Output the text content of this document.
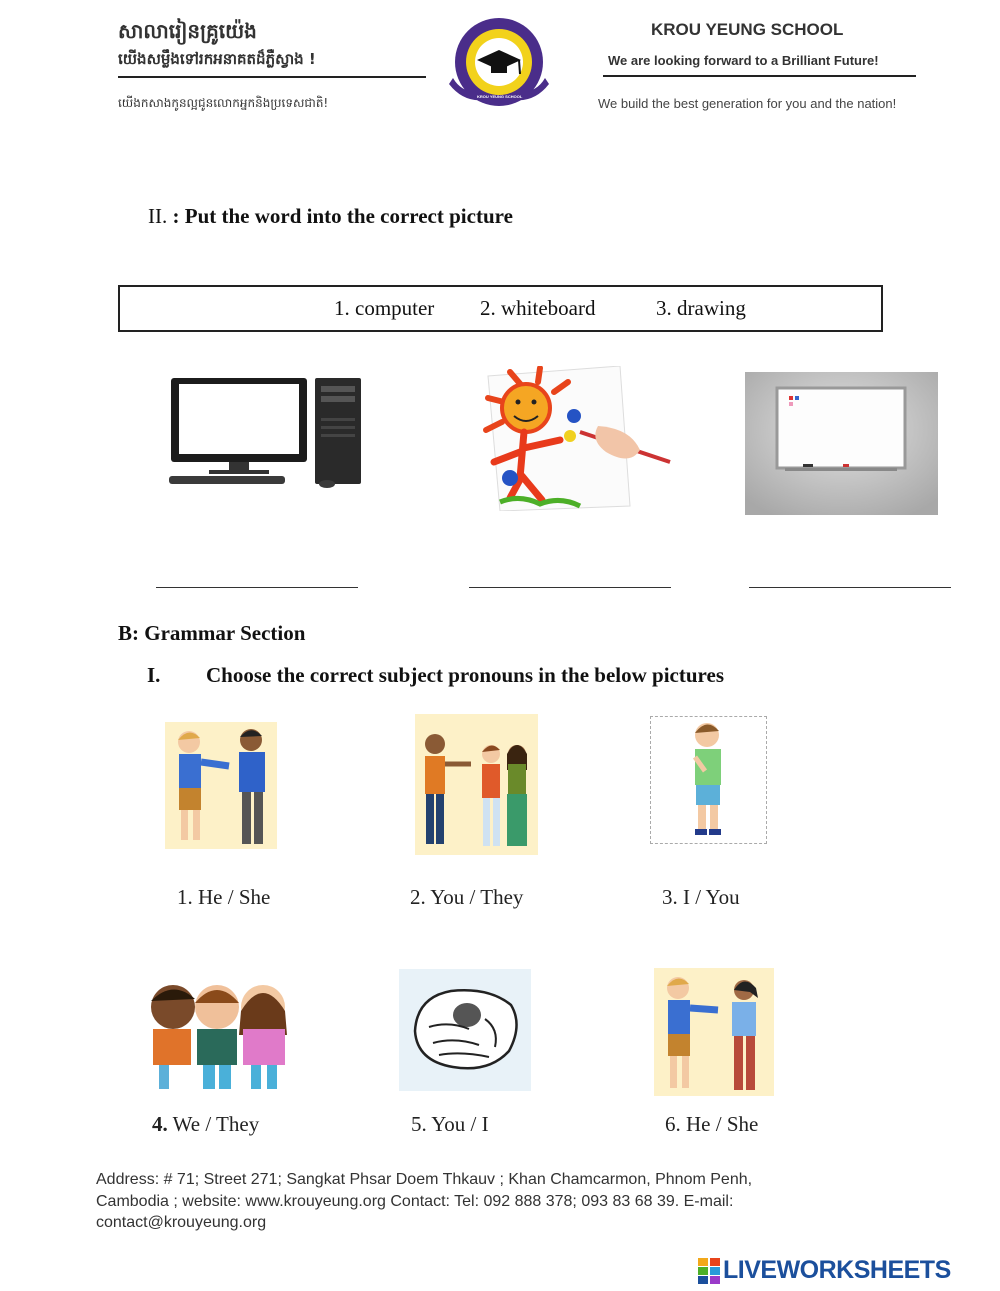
សាលារៀនគ្រូយ៉េង
យើងសម្លឹងទៅរកអនាគតដ៏ភ្លឺស្វាង !
យើងកសាងកូនល្អជូនលោកអ្នកនិងប្រទេសជាតិ!	KROU YEUNG SCHOOL
KROU YEUNG SCHOOL
We are looking forward to a Brilliant Future!
We build the best generation for you and the nation!
II. : Put the word into the correct picture
1. computer 2. whiteboard	3. drawing
B: Grammar Section
I. Choose the correct subject pronouns in the below pictures
1. He / She	2. You / They	3. I / You
4. We / They	5. You / I	6. He / She
Address: # 71; Street 271; Sangkat Phsar Doem Thkauv ; Khan Chamcarmon, Phnom Penh,
Cambodia ; website: www.krouyeung.org Contact: Tel: 092 888 378; 093 83 68 39. E-mail:
contact@krouyeung.org
LIVEWORKSHEETS
